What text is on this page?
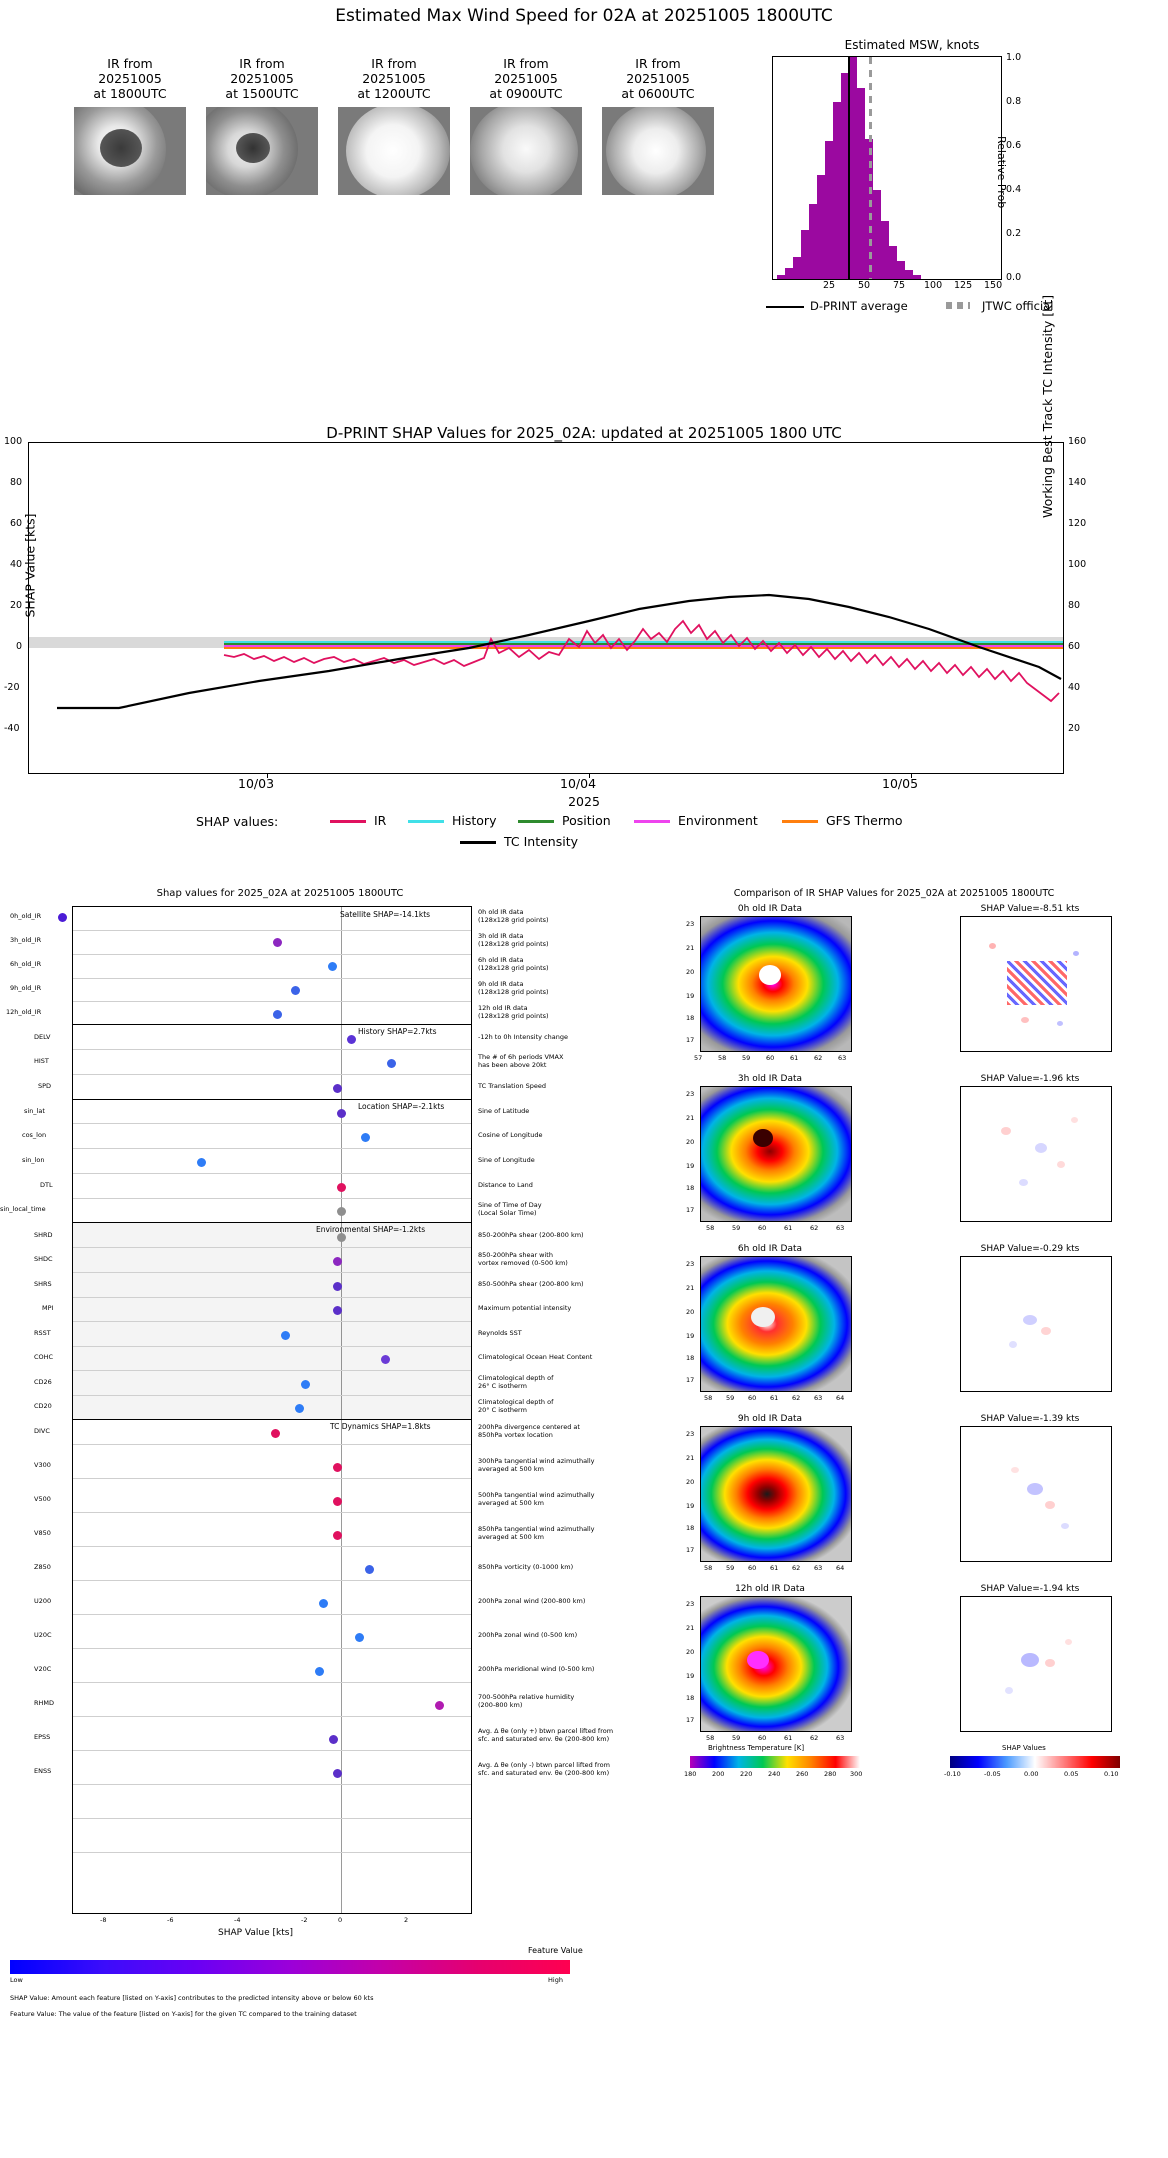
Estimated Max Wind Speed for 02A at 20251005 1800UTC
IR from
20251005
at 1800UTC
IR from
20251005
at 1500UTC
IR from
20251005
at 1200UTC
IR from
20251005
at 0900UTC
IR from
20251005
at 0600UTC
Estimated MSW, knots
25 50 75 100 125 150
0.0
0.2
0.4
0.6
0.8
1.0
Relative Prob
D-PRINT average	JTWC official
D-PRINT SHAP Values for 2025_02A: updated at 20251005 1800 UTC
100
80
60
40
20
0
-20
-40
160
140
120
100
80
60
40
20
SHAP Value [kts]
Working Best Track TC Intensity [kt]
10/03	10/04	10/05
2025
SHAP values:	IR	History	Position	Environment	GFS Thermo
TC Intensity
Shap values for 2025_02A at 20251005 1800UTC
Satellite SHAP=-14.1kts
History SHAP=2.7kts
Location SHAP=-2.1kts
Environmental SHAP=-1.2kts
TC Dynamics SHAP=1.8kts
0h_old_IR
3h_old_IR
6h_old_IR
9h_old_IR
12h_old_IR
DELV
HIST
SPD
sin_lat
cos_lon
sin_lon
DTL
sin_local_time
SHRD
SHDC
SHRS
MPI
RSST
COHC
CD26
CD20
DIVC
V300
V500
V850
Z850
U200
U20C
V20C
RHMD
EPSS
ENSS
0h old IR data
(128x128 grid points)
3h old IR data
(128x128 grid points)
6h old IR data
(128x128 grid points)
9h old IR data
(128x128 grid points)
12h old IR data
(128x128 grid points)
-12h to 0h Intensity change
The # of 6h periods VMAX
has been above 20kt
TC Translation Speed
Sine of Latitude
Cosine of Longitude
Sine of Longitude
Distance to Land
Sine of Time of Day
(Local Solar Time)
850-200hPa shear (200-800 km)
850-200hPa shear with
vortex removed (0-500 km)
850-500hPa shear (200-800 km)
Maximum potential intensity
Reynolds SST
Climatological Ocean Heat Content
Climatological depth of
26° C isotherm
Climatological depth of
20° C isotherm
200hPa divergence centered at
850hPa vortex location
300hPa tangential wind azimuthally
averaged at 500 km
500hPa tangential wind azimuthally
averaged at 500 km
850hPa tangential wind azimuthally
averaged at 500 km
850hPa vorticity (0-1000 km)
200hPa zonal wind (200-800 km)
200hPa zonal wind (0-500 km)
200hPa meridional wind (0-500 km)
700-500hPa relative humidity
(200-800 km)
Avg. Δ θe (only +) btwn parcel lifted from
sfc. and saturated env. θe (200-800 km)
Avg. Δ θe (only -) btwn parcel lifted from
sfc. and saturated env. θe (200-800 km)
-8	-6	-4	-2	0	2
SHAP Value [kts]
Low	High
Feature Value
SHAP Value: Amount each feature [listed on Y-axis] contributes to the predicted intensity above or below 60 kts
Feature Value: The value of the feature [listed on Y-axis] for the given TC compared to the training dataset
Comparison of IR SHAP Values for 2025_02A at 20251005 1800UTC
0h old IR Data
57 58 59 60 61 62 63
23
21
20
19
18
17
SHAP Value=-8.51 kts
3h old IR Data
58	59	60	61	62	63
23
21
20
19
18
17
SHAP Value=-1.96 kts
6h old IR Data
58 59 60 61 62 63 64
23
21
20
19
18
17
SHAP Value=-0.29 kts
9h old IR Data
58 59 60 61 62 63 64
23
21
20
19
18
17
SHAP Value=-1.39 kts
12h old IR Data
58	59	60	61	62	63
23
21
20
19
18
17
SHAP Value=-1.94 kts
Brightness Temperature [K]
180 200 220 240 260 280 300
SHAP Values
-0.10	-0.05	0.00	0.05	0.10
